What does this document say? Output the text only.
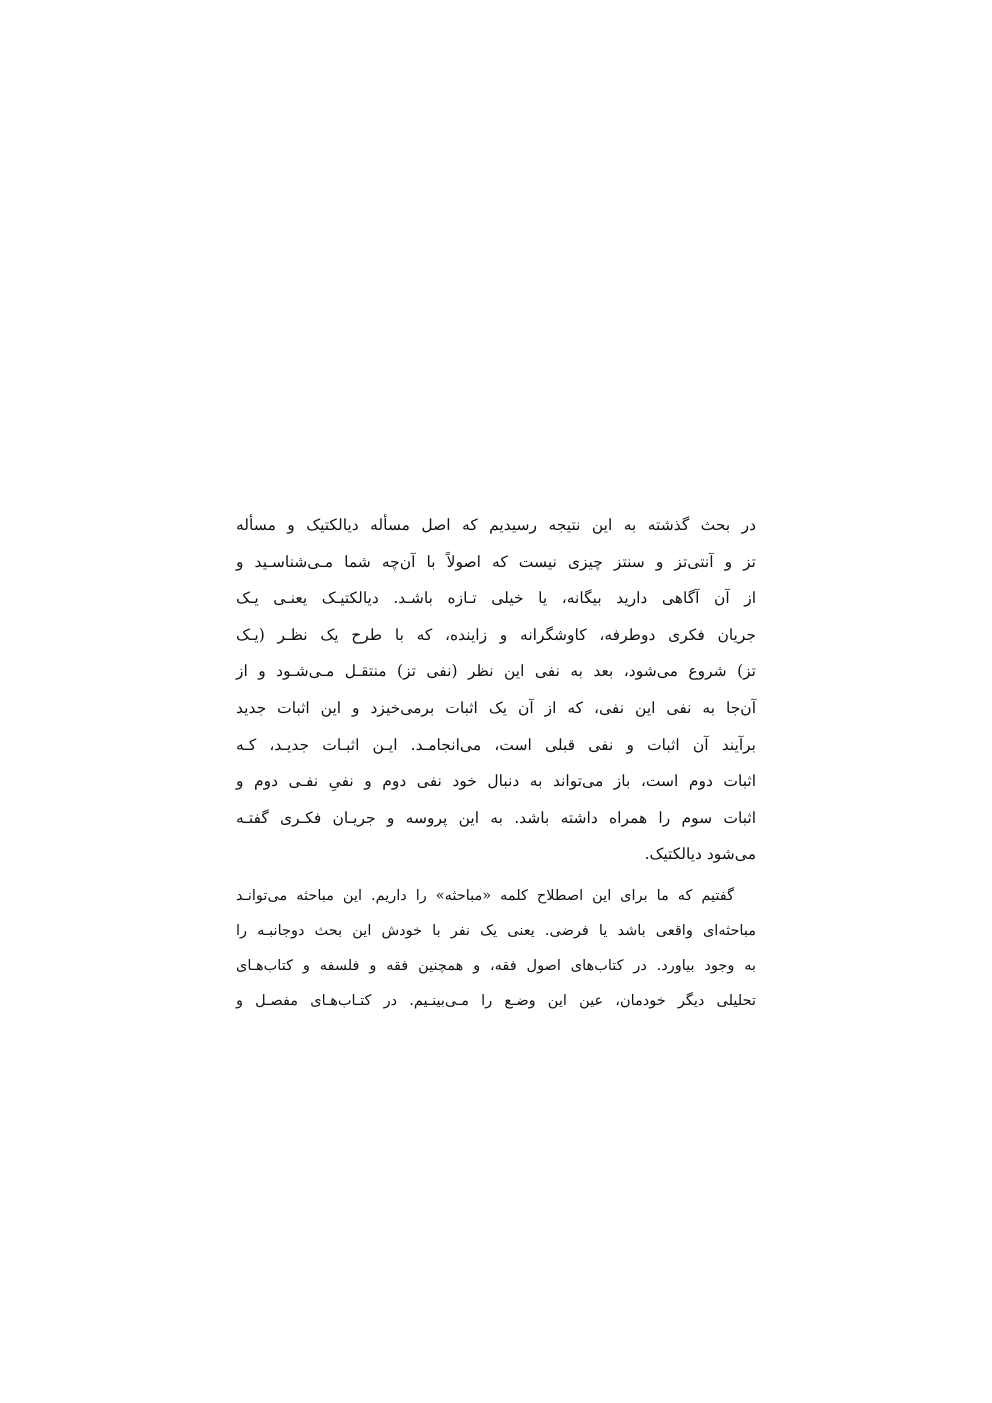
در بحث گذشته به این نتیجه رسیدیم که اصل مسأله دیالکتیک و مسأله
تز و آنتی‌تز و سنتز چیزی نیست که اصولاً با آن‌چه شما مـی‌شناسـید و
از آن آگاهی دارید بیگانه، یا خیلی تـازه باشـد. دیالکتیـک یعنـی یـک
جریان فکری دوطرفه، کاوشگرانه و زاینده، که با طرح یک نظـر (یـک
تز) شروع می‌شود، بعد به نفی این نظر (نفی تز) منتقـل مـی‌شـود و از
آن‌جا به نفی این نفی، که از آن یک اثبات برمی‌خیزد و این اثبات جدید
برآیند آن اثبات و نفی قبلی است، می‌انجامـد. ایـن اثبـات جدیـد، کـه
اثبات دوم است، باز می‌تواند به دنبال خود نفی دوم و نفیِ نفـی دوم و
اثبات سوم را همراه داشته باشد. به این پروسه و جریـان فکـری گفتـه
می‌شود دیالکتیک.
گفتیم که ما برای این اصطلاح کلمه «مباحثه» را داریم. این مباحثه می‌توانـد
مباحثه‌ای واقعی باشد یا فرضی. یعنی یک نفر با خودش این بحث دوجانبـه را
به وجود بیاورد. در کتاب‌های اصول فقه، و همچنین فقه و فلسفه و کتاب‌هـای
تحلیلی دیگر خودمان، عین این وضـع را مـی‌بینـیم. در کتـاب‌هـای مفصـل و
